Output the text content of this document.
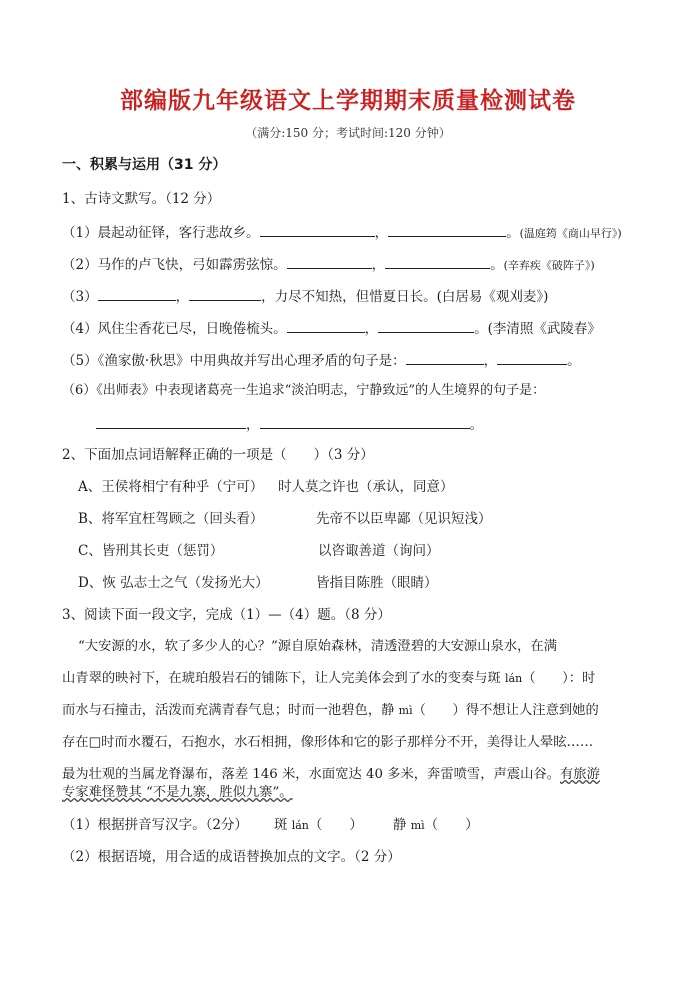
部编版九年级语文上学期期末质量检测试卷
（满分:150 分；考试时间:120 分钟）
一、积累与运用（31 分）
1、古诗文默写。（12 分）
（1）晨起动征铎，客行悲故乡。	，	。(温庭筠《商山早行》)
（2）马作的卢飞快，弓如霹雳弦惊。	，	。(辛弃疾《破阵子》)
（3）	，	，力尽不知热，但惜夏日长。(白居易《观刈麦》)
（4）风住尘香花已尽，日晚倦梳头。	，	。(李清照《武陵春》
（5）《渔家傲·秋思》中用典故并写出心理矛盾的句子是：	，	。
（6）《出师表》中表现诸葛亮一生追求“淡泊明志，宁静致远”的人生境界的句子是：
，	。
2、下面加点词语解释正确的一项是（　　）（3 分）
A、王侯将相宁有种乎（宁可） 时人莫之许也（承认，同意）
B、将军宜枉驾顾之（回头看）	先帝不以臣卑鄙（见识短浅）
C、皆刑其长吏（惩罚）	以咨诹善道（询问）
D、恢 弘志士之气（发扬光大）	皆指目陈胜（眼睛）
3、阅读下面一段文字，完成（1）—（4）题。（8 分）
“大安源的水，软了多少人的心？”源自原始森林，清透澄碧的大安源山泉水，在满
山青翠的映衬下，在琥珀般岩石的铺陈下，让人完美体会到了水的变奏与斑 lán（　　）：时
而水与石撞击，活泼而充满青春气息；时而一池碧色，静 mì（　　）得不想让人注意到她的
存在□时而水覆石，石抱水，水石相拥，像形体和它的影子那样分不开，美得让人晕眩……
最为壮观的当属龙脊瀑布，落差 146 米，水面宽达 40 多米，奔雷喷雪，声震山谷。有旅游
专家难怪赞其 “不是九寨，胜似九寨”。
（1）根据拼音写汉字。（2分） 斑 lán（　　） 静 mì（　　）
（2）根据语境，用合适的成语替换加点的文字。（2 分）
